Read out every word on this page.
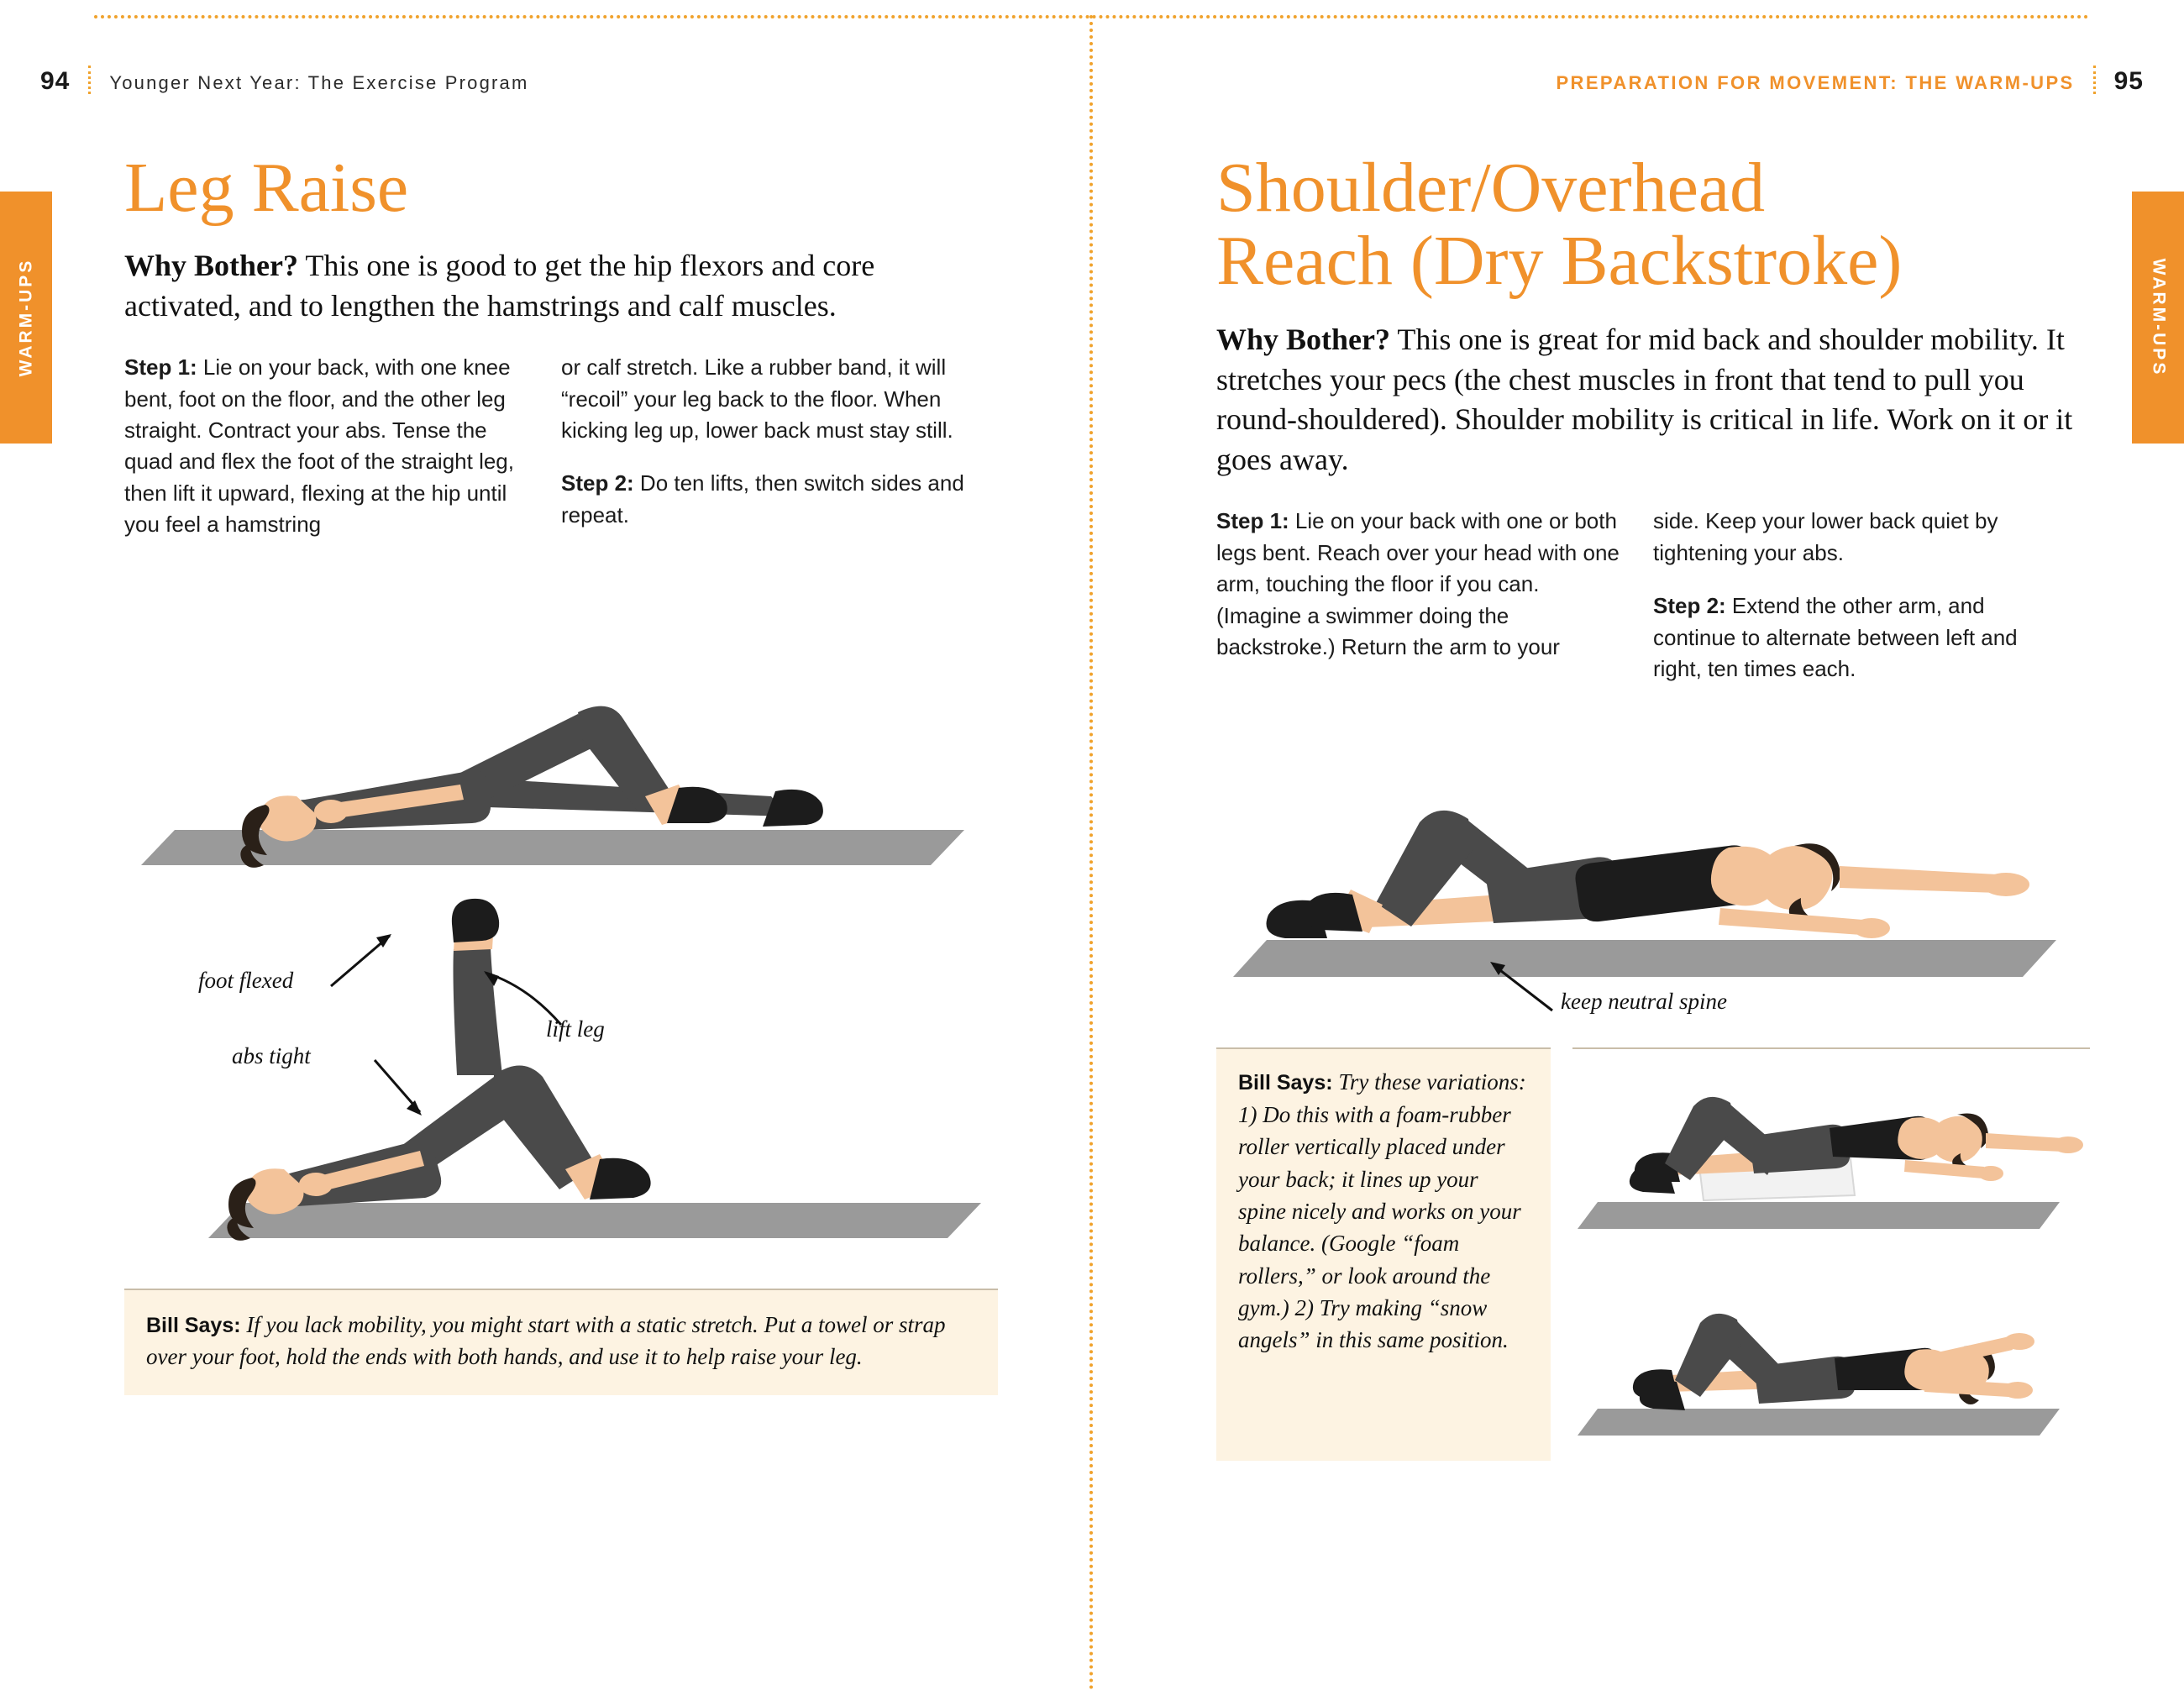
94 Younger Next Year: The Exercise Program	PREPARATION FOR MOVEMENT: THE WARM-UPS 95
WARM-UPS	WARM-UPS
Leg Raise

Why Bother? This one is good to get the hip flexors and core activated, and to lengthen the hamstrings and calf muscles.

Step 1: Lie on your back, with one knee bent, foot on the floor, and the other leg straight. Contract your abs. Tense the quad and flex the foot of the straight leg, then lift it upward, flexing at the hip until you feel a hamstring

or calf stretch. Like a rubber band, it will “recoil” your leg back to the floor. When kicking leg up, lower back must stay still.

Step 2: Do ten lifts, then switch sides and repeat.

foot flexed
lift leg
abs tight
Bill Says: If you lack mobility, you might start with a static stretch. Put a towel or strap over your foot, hold the ends with both hands, and use it to help raise your leg.
Shoulder/Overhead
Reach (Dry Backstroke)

Why Bother? This one is great for mid back and shoulder mobility. It stretches your pecs (the chest muscles in front that tend to pull you round-shouldered). Shoulder mobility is critical in life. Work on it or it goes away.

Step 1: Lie on your back with one or both legs bent. Reach over your head with one arm, touching the floor if you can. (Imagine a swimmer doing the backstroke.) Return the arm to your

side. Keep your lower back quiet by tightening your abs.

Step 2: Extend the other arm, and continue to alternate between left and right, ten times each.

keep neutral spine
Bill Says: Try these variations: 1) Do this with a foam-rubber roller vertically placed under your back; it lines up your spine nicely and works on your balance. (Google “foam rollers,” or look around the gym.) 2) Try making “snow angels” in this same position.
